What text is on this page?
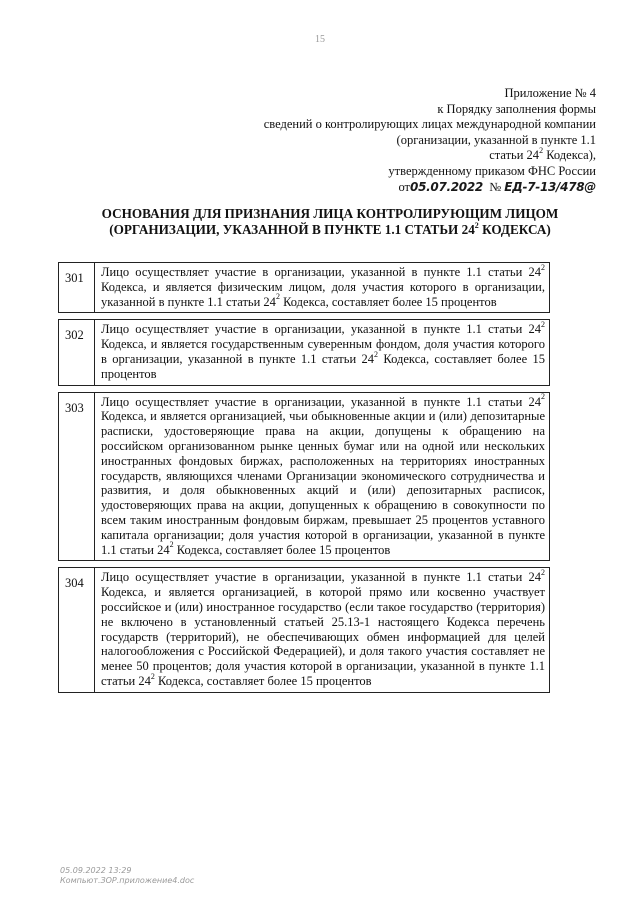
15
Приложение № 4
к Порядку заполнения формы
сведений о контролирующих лицах международной компании
(организации, указанной в пункте 1.1
статьи $24^2$ Кодекса),
утвержденному приказом ФНС России
от05.07.2022 № ЕД-7-13/478@
ОСНОВАНИЯ ДЛЯ ПРИЗНАНИЯ ЛИЦА КОНТРОЛИРУЮЩИМ ЛИЦОМ
(ОРГАНИЗАЦИИ, УКАЗАННОЙ В ПУНКТЕ 1.1 СТАТЬИ $24^2$ КОДЕКСА)
301	Лицо осуществляет участие в организации, указанной в пункте 1.1 статьи $24^2$ Кодекса, и является физическим лицом, доля участия которого в организации, указанной в пункте 1.1 статьи $24^2$ Кодекса, составляет более 15 процентов
302	Лицо осуществляет участие в организации, указанной в пункте 1.1 статьи $24^2$ Кодекса, и является государственным суверенным фондом, доля участия которого в организации, указанной в пункте 1.1 статьи $24^2$ Кодекса, составляет более 15 процентов
303	Лицо осуществляет участие в организации, указанной в пункте 1.1 статьи $24^2$ Кодекса, и является организацией, чьи обыкновенные акции и (или) депозитарные расписки, удостоверяющие права на акции, допущены к обращению на российском организованном рынке ценных бумаг или на одной или нескольких иностранных фондовых биржах, расположенных на территориях иностранных государств, являющихся членами Организации экономического сотрудничества и развития, и доля обыкновенных акций и (или) депозитарных расписок, удостоверяющих права на акции, допущенных к обращению в совокупности по всем таким иностранным фондовым биржам, превышает 25 процентов уставного капитала организации; доля участия которой в организации, указанной в пункте 1.1 статьи $24^2$ Кодекса, составляет более 15 процентов
304	Лицо осуществляет участие в организации, указанной в пункте 1.1 статьи $24^2$ Кодекса, и является организацией, в которой прямо или косвенно участвует российское и (или) иностранное государство (если такое государство (территория) не включено в установленный статьей 25.13-1 настоящего Кодекса перечень государств (территорий), не обеспечивающих обмен информацией для целей налогообложения с Российской Федерацией), и доля такого участия составляет не менее 50 процентов; доля участия которой в организации, указанной в пункте 1.1 статьи $24^2$ Кодекса, составляет более 15 процентов
05.09.2022 13:29
Компьют.ЗОР.приложение4.doc
